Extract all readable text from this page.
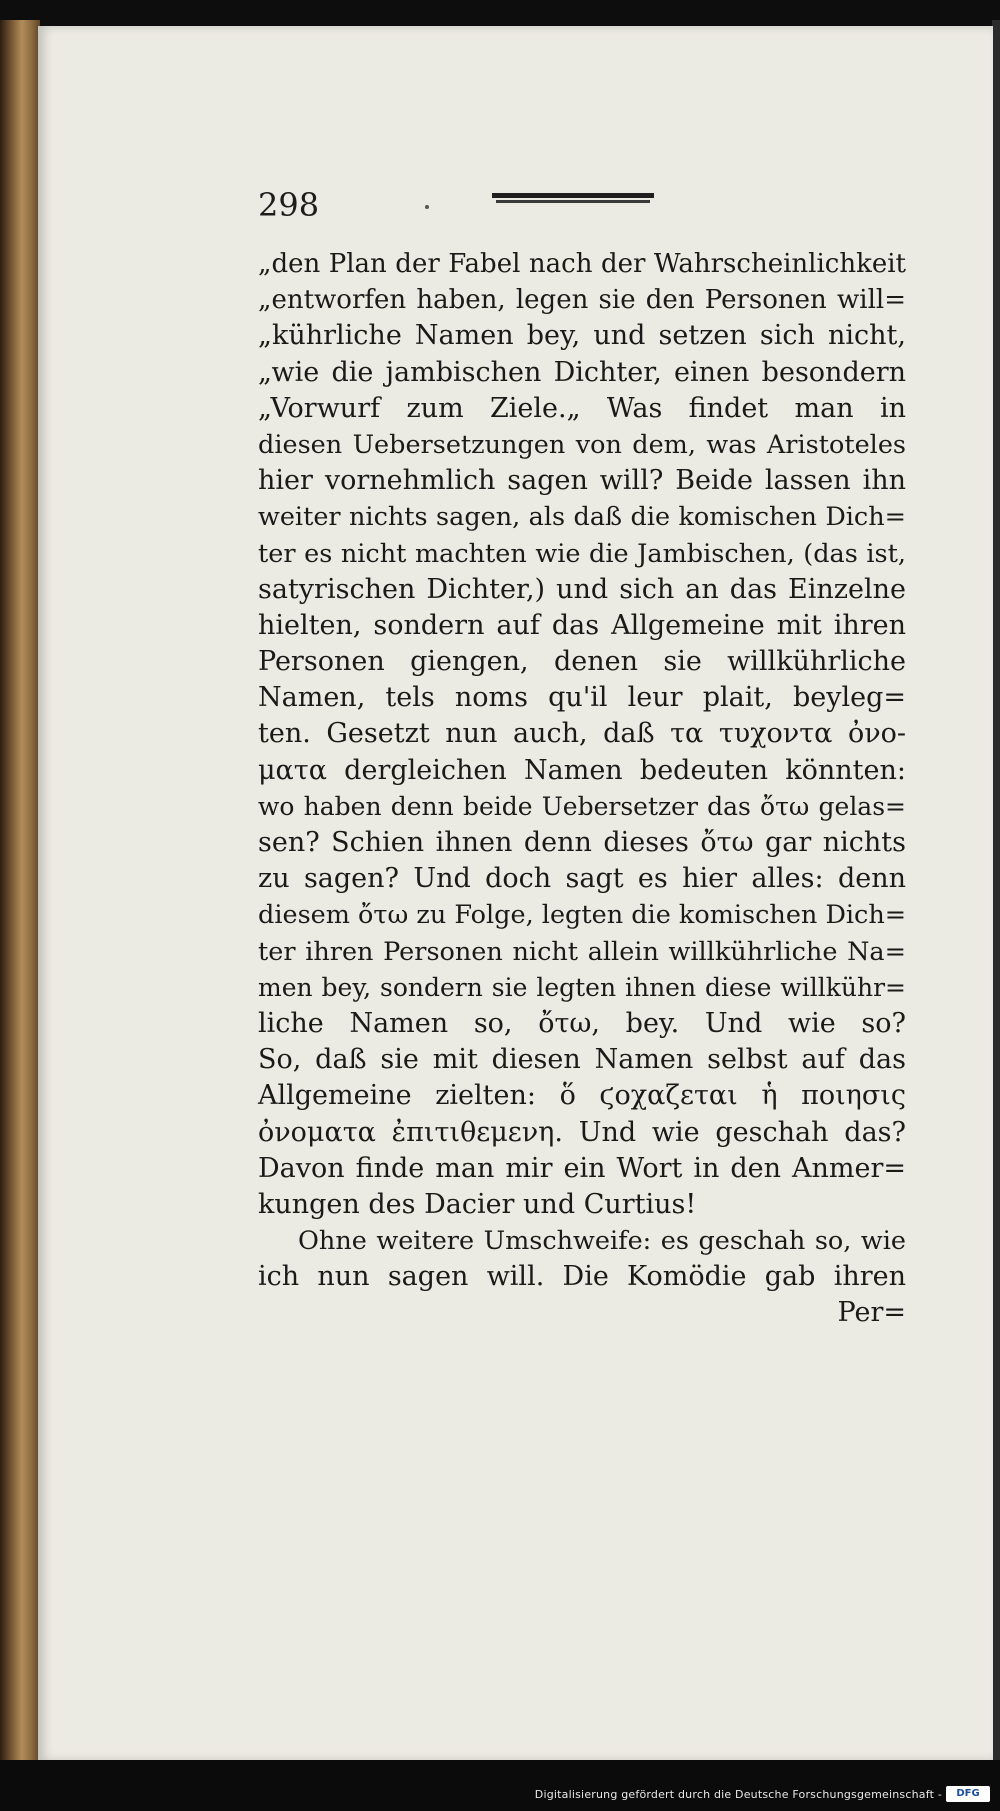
298
„den Plan der Fabel nach der Wahrscheinlichkeit
„entworfen haben, legen sie den Personen will=
„kührliche Namen bey, und setzen sich nicht,
„wie die jambischen Dichter, einen besondern
„Vorwurf zum Ziele.„ Was findet man in
diesen Uebersetzungen von dem, was Aristoteles
hier vornehmlich sagen will? Beide lassen ihn
weiter nichts sagen, als daß die komischen Dich=
ter es nicht machten wie die Jambischen, (das ist,
satyrischen Dichter,) und sich an das Einzelne
hielten, sondern auf das Allgemeine mit ihren
Personen giengen, denen sie willkührliche
Namen, tels noms qu'il leur plait, beyleg=
ten. Gesetzt nun auch, daß τα τυχοντα ὀνο-
ματα dergleichen Namen bedeuten könnten:
wo haben denn beide Uebersetzer das ὄτω gelas=
sen? Schien ihnen denn dieses ὄτω gar nichts
zu sagen? Und doch sagt es hier alles: denn
diesem ὄτω zu Folge, legten die komischen Dich=
ter ihren Personen nicht allein willkührliche Na=
men bey, sondern sie legten ihnen diese willkühr=
liche Namen so, ὄτω, bey. Und wie so?
So, daß sie mit diesen Namen selbst auf das
Allgemeine zielten: ὅ ϛοχαζεται ἡ ποιησις
ὀνοματα ἐπιτιθεμενη. Und wie geschah das?
Davon finde man mir ein Wort in den Anmer=
kungen des Dacier und Curtius!
Ohne weitere Umschweife: es geschah so, wie
ich nun sagen will. Die Komödie gab ihren
Per=
Digitalisierung gefördert durch die Deutsche Forschungsgemeinschaft -	DFG
